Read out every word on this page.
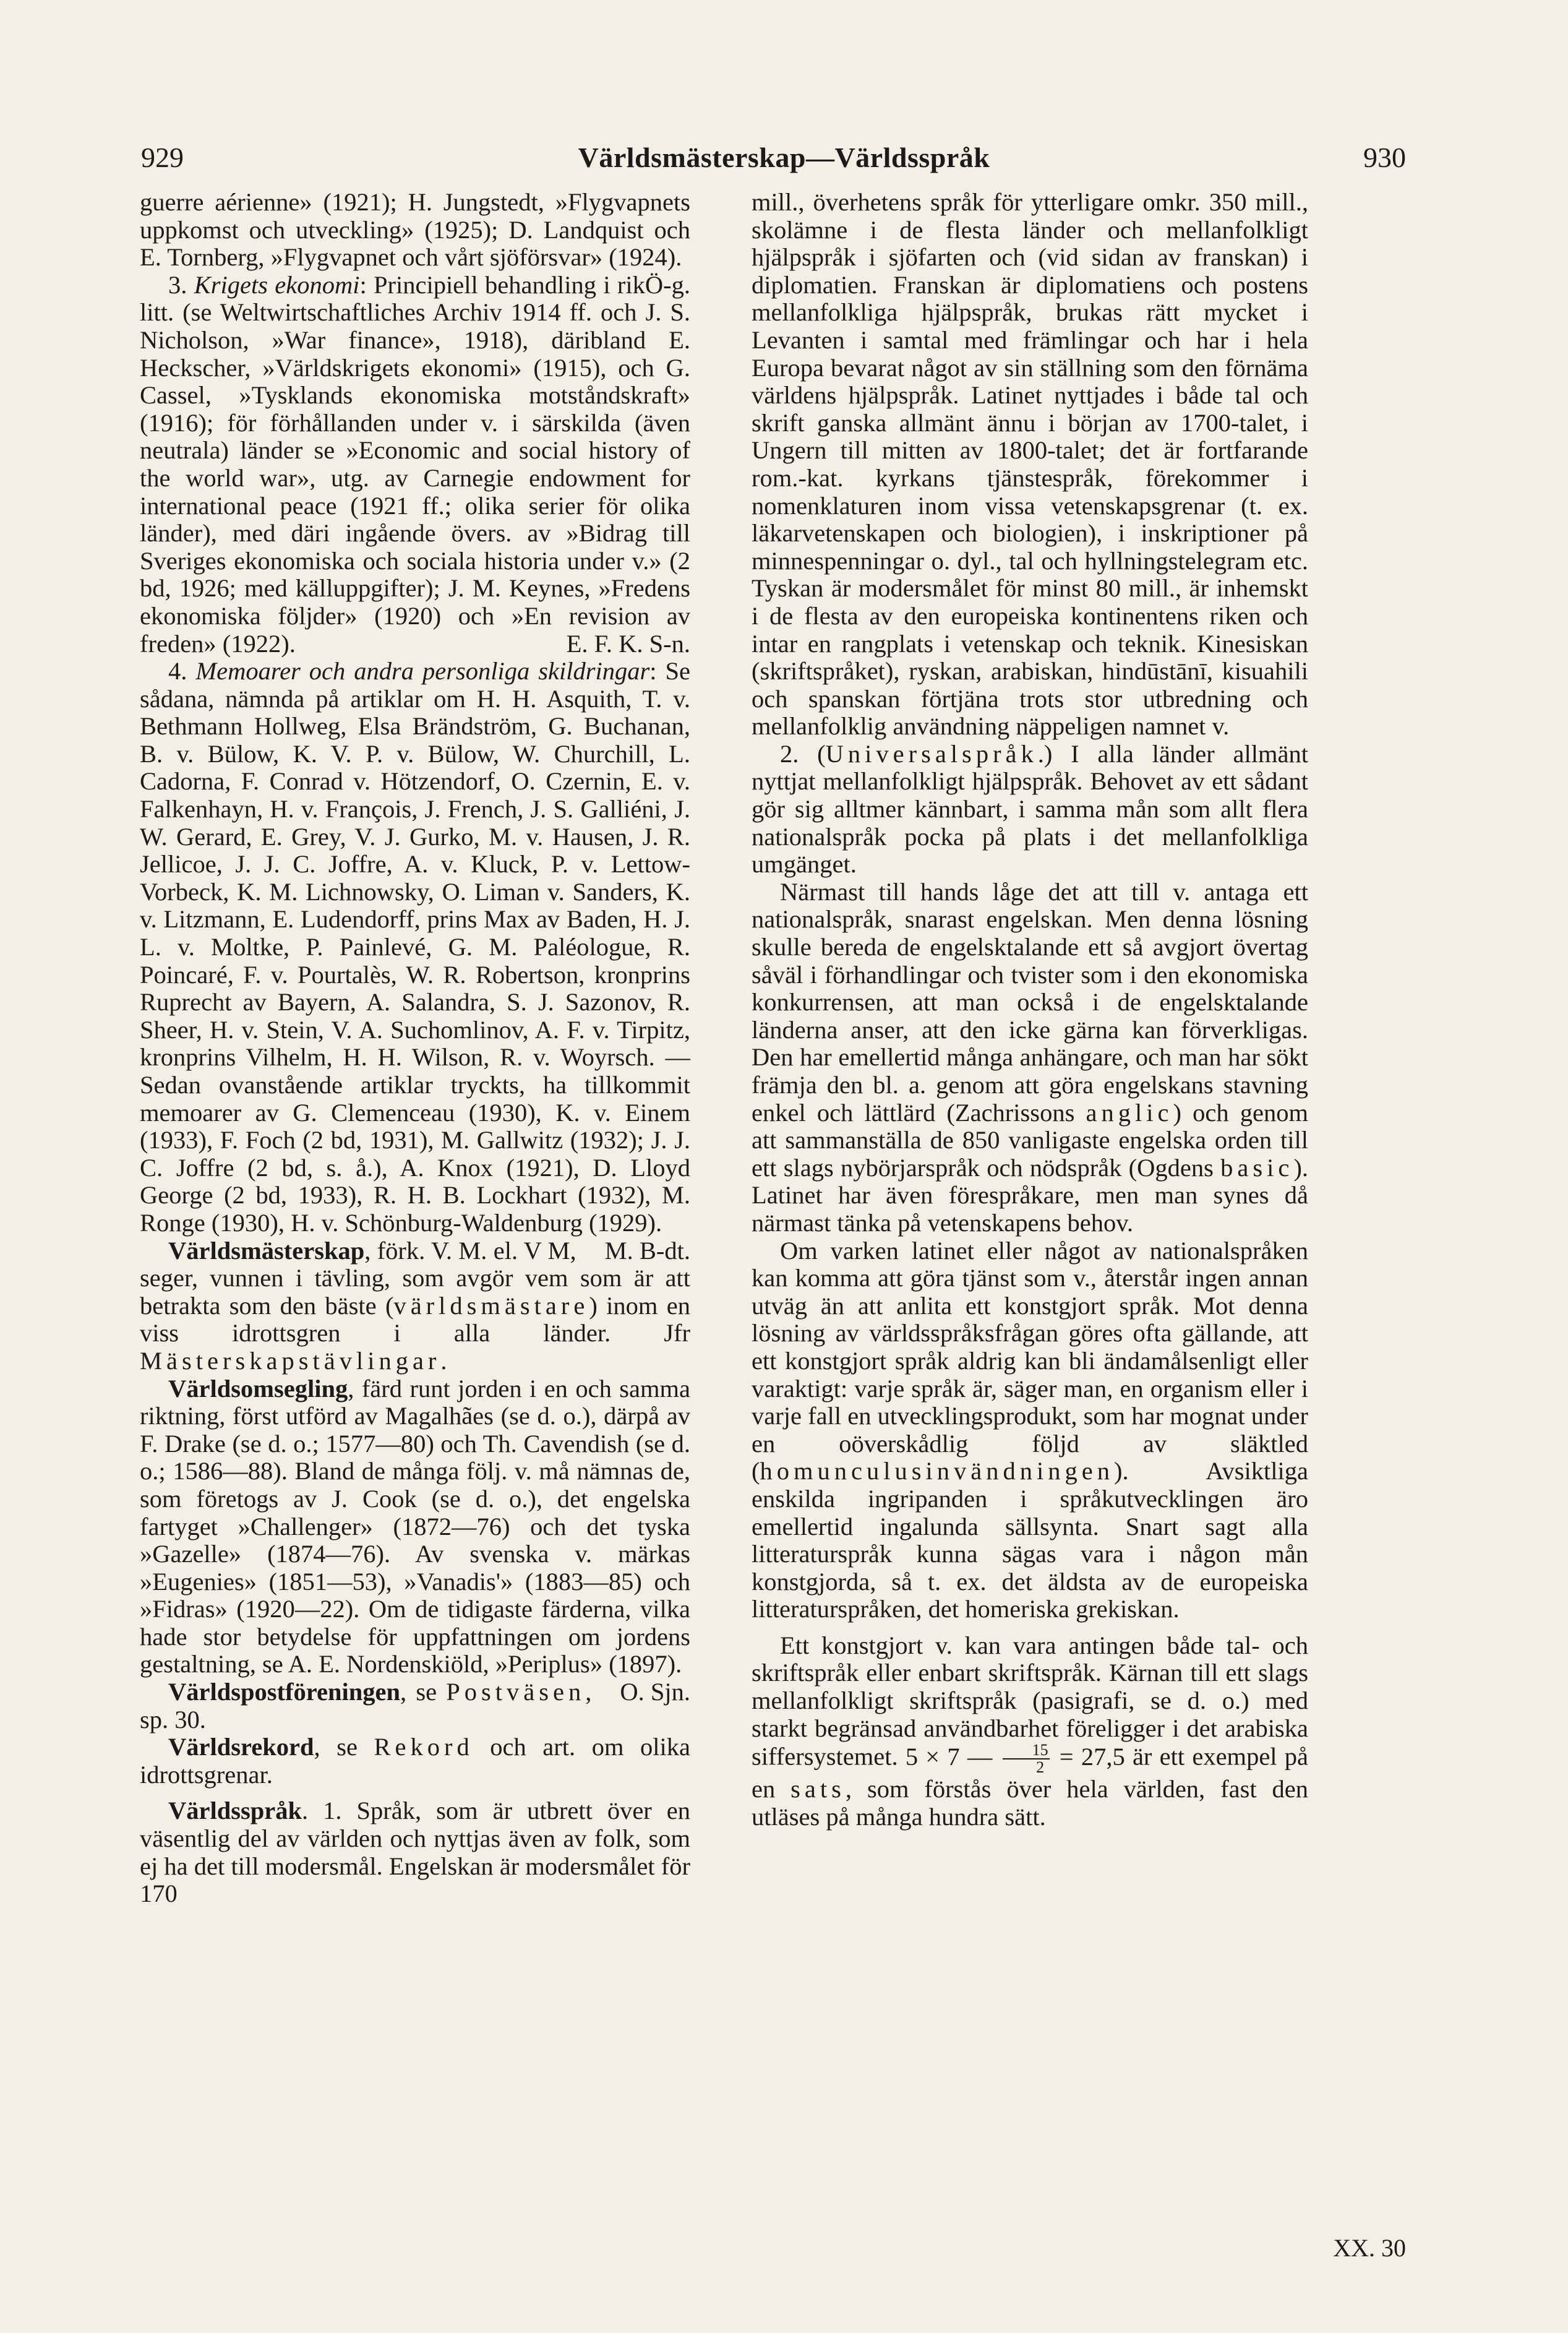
929	Världsmästerskap—Världsspråk	930

guerre aérienne» (1921); H. Jungstedt, »Flygvapnets uppkomst och utveckling» (1925); D. Landquist och E. Tornberg, »Flygvapnet och vårt sjöförsvar» (1924).
Ö-g.

3. Krigets ekonomi: Principiell behandling i rik litt. (se Weltwirtschaftliches Archiv 1914 ff. och J. S. Nicholson, »War finance», 1918), däribland E. Heckscher, »Världskrigets ekonomi» (1915), och G. Cassel, »Tysklands ekonomiska motståndskraft» (1916); för förhållanden under v. i särskilda (även neutrala) länder se »Economic and social history of the world war», utg. av Carnegie endowment for international peace (1921 ff.; olika serier för olika länder), med däri ingående övers. av »Bidrag till Sveriges ekonomiska och sociala historia under v.» (2 bd, 1926; med källuppgifter); J. M. Keynes, »Fredens ekonomiska följder» (1920) och »En revision av freden» (1922).	E. F. K. S-n.

4. Memoarer och andra personliga skildringar: Se sådana, nämnda på artiklar om H. H. Asquith, T. v. Bethmann Hollweg, Elsa Brändström, G. Buchanan, B. v. Bülow, K. V. P. v. Bülow, W. Churchill, L. Cadorna, F. Conrad v. Hötzendorf, O. Czernin, E. v. Falkenhayn, H. v. François, J. French, J. S. Galliéni, J. W. Gerard, E. Grey, V. J. Gurko, M. v. Hausen, J. R. Jellicoe, J. J. C. Joffre, A. v. Kluck, P. v. Lettow-Vorbeck, K. M. Lichnowsky, O. Liman v. Sanders, K. v. Litzmann, E. Ludendorff, prins Max av Baden, H. J. L. v. Moltke, P. Painlevé, G. M. Paléologue, R. Poincaré, F. v. Pourtalès, W. R. Robertson, kronprins Ruprecht av Bayern, A. Salandra, S. J. Sazonov, R. Sheer, H. v. Stein, V. A. Suchomlinov, A. F. v. Tirpitz, kronprins Vilhelm, H. H. Wilson, R. v. Woyrsch. — Sedan ovanstående artiklar tryckts, ha tillkommit memoarer av G. Clemenceau (1930), K. v. Einem (1933), F. Foch (2 bd, 1931), M. Gallwitz (1932); J. J. C. Joffre (2 bd, s. å.), A. Knox (1921), D. Lloyd George (2 bd, 1933), R. H. B. Lockhart (1932), M. Ronge (1930), H. v. Schönburg-Waldenburg (1929).
M. B-dt.

Världsmästerskap, förk. V. M. el. V M, seger, vunnen i tävling, som avgör vem som är att betrakta som den bäste (världsmästare) inom en viss idrottsgren i alla länder. Jfr Mästerskapstävlingar.

Världsomsegling, färd runt jorden i en och samma riktning, först utförd av Magalhães (se d. o.), därpå av F. Drake (se d. o.; 1577—80) och Th. Cavendish (se d. o.; 1586—88). Bland de många följ. v. må nämnas de, som företogs av J. Cook (se d. o.), det engelska fartyget »Challenger» (1872—76) och det tyska »Gazelle» (1874—76). Av svenska v. märkas »Eugenies» (1851—53), »Vanadis'» (1883—85) och »Fidras» (1920—22). Om de tidigaste färderna, vilka hade stor betydelse för uppfattningen om jordens gestaltning, se A. E. Nordenskiöld, »Periplus» (1897).
O. Sjn.

Världspostföreningen, se Postväsen, sp. 30.

Världsrekord, se Rekord och art. om olika idrottsgrenar.

Världsspråk. 1. Språk, som är utbrett över en väsentlig del av världen och nyttjas även av folk, som ej ha det till modersmål. Engelskan är modersmålet för 170

mill., överhetens språk för ytterligare omkr. 350 mill., skolämne i de flesta länder och mellanfolkligt hjälpspråk i sjöfarten och (vid sidan av franskan) i diplomatien. Franskan är diplomatiens och postens mellanfolkliga hjälpspråk, brukas rätt mycket i Levanten i samtal med främlingar och har i hela Europa bevarat något av sin ställning som den förnäma världens hjälpspråk. Latinet nyttjades i både tal och skrift ganska allmänt ännu i början av 1700-talet, i Ungern till mitten av 1800-talet; det är fortfarande rom.-kat. kyrkans tjänstespråk, förekommer i nomenklaturen inom vissa vetenskapsgrenar (t. ex. läkarvetenskapen och biologien), i inskriptioner på minnespenningar o. dyl., tal och hyllningstelegram etc. Tyskan är modersmålet för minst 80 mill., är inhemskt i de flesta av den europeiska kontinentens riken och intar en rangplats i vetenskap och teknik. Kinesiskan (skriftspråket), ryskan, arabiskan, hindūstānī, kisuahili och spanskan förtjäna trots stor utbredning och mellanfolklig användning näppeligen namnet v.

2. (Universalspråk.) I alla länder allmänt nyttjat mellanfolkligt hjälpspråk. Behovet av ett sådant gör sig alltmer kännbart, i samma mån som allt flera nationalspråk pocka på plats i det mellanfolkliga umgänget.

Närmast till hands låge det att till v. antaga ett nationalspråk, snarast engelskan. Men denna lösning skulle bereda de engelsktalande ett så avgjort övertag såväl i förhandlingar och tvister som i den ekonomiska konkurrensen, att man också i de engelsktalande länderna anser, att den icke gärna kan förverkligas. Den har emellertid många anhängare, och man har sökt främja den bl. a. genom att göra engelskans stavning enkel och lättlärd (Zachrissons anglic) och genom att sammanställa de 850 vanligaste engelska orden till ett slags nybörjarspråk och nödspråk (Ogdens basic). Latinet har även förespråkare, men man synes då närmast tänka på vetenskapens behov.

Om varken latinet eller något av nationalspråken kan komma att göra tjänst som v., återstår ingen annan utväg än att anlita ett konstgjort språk. Mot denna lösning av världsspråksfrågan göres ofta gällande, att ett konstgjort språk aldrig kan bli ändamålsenligt eller varaktigt: varje språk är, säger man, en organism eller i varje fall en utvecklingsprodukt, som har mognat under en oöverskådlig följd av släktled (homunculusinvändningen). Avsiktliga enskilda ingripanden i språkutvecklingen äro emellertid ingalunda sällsynta. Snart sagt alla litteraturspråk kunna sägas vara i någon mån konstgjorda, så t. ex. det äldsta av de europeiska litteraturspråken, det homeriska grekiskan.

Ett konstgjort v. kan vara antingen både tal- och skriftspråk eller enbart skriftspråk. Kärnan till ett slags mellanfolkligt skriftspråk (pasigrafi, se d. o.) med starkt begränsad användbarhet föreligger i det arabiska siffersystemet. 5 × 7 — $\frac{15}{2} = 27,5$ är ett exempel på en sats, som förstås över hela världen, fast den utläses på många hundra sätt.

XX. 30
